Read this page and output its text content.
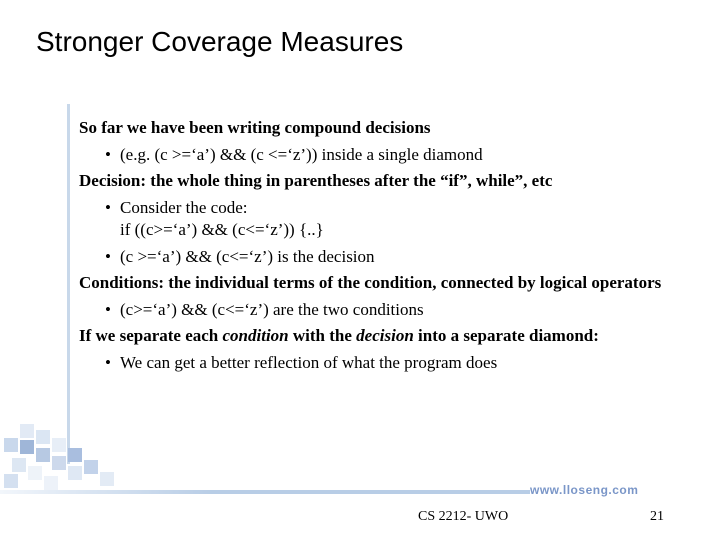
Stronger Coverage Measures
www.lloseng.com

So far we have been writing compound decisions

• (e.g. (c >=‘a’) && (c <=‘z’)) inside a single diamond

Decision: the whole thing in parentheses after the “if”, while”, etc

• Consider the code:

if ((c>=‘a’) && (c<=‘z’)) {..}

• (c >=‘a’) && (c<=‘z’) is the decision

Conditions: the individual terms of the condition, connected by logical operators

• (c>=‘a’) && (c<=‘z’) are the two conditions

If we separate each condition with the decision into a separate diamond:

• We can get a better reflection of what the program does

CS 2212- UWO	21
